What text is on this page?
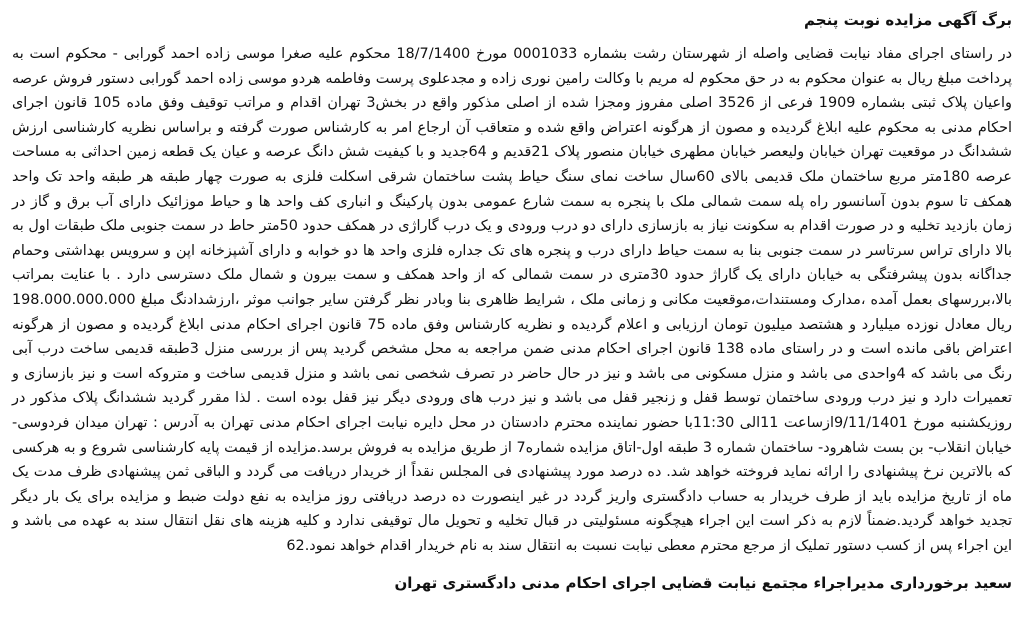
برگ آگهی مزایده نوبت پنجم

در راستای اجرای مفاد نیابت قضایی واصله از شهرستان رشت بشماره 0001033 مورخ 18/7/1400 محکوم علیه صغرا موسی زاده احمد گورابی - محکوم است به پرداخت مبلغ ریال به عنوان محکوم به در حق محکوم له مریم با وکالت رامین نوری زاده و مجدعلوی پرست وفاطمه هردو موسی زاده احمد گورابی دستور فروش عرصه واعیان پلاک ثبتی بشماره 1909 فرعی از 3526 اصلی مفروز ومجزا شده از اصلی مذکور واقع در بخش3 تهران اقدام و مراتب توقیف وفق ماده 105 قانون اجرای احکام مدنی به محکوم علیه ابلاغ گردیده و مصون از هرگونه اعتراض واقع شده و متعاقب آن ارجاع امر به کارشناس صورت گرفته و براساس نظریه کارشناسی ارزش ششدانگ در موقعیت تهران خیابان ولیعصر خیابان مطهری خیابان منصور پلاک 21قدیم و 64جدید و با کیفیت شش دانگ عرصه و عیان یک قطعه زمین احداثی به مساحت عرصه 180متر مربع ساختمان ملک قدیمی بالای 60سال ساخت نمای سنگ حیاط پشت ساختمان شرقی اسکلت فلزی به صورت چهار طبقه هر طبقه واحد تک واحد همکف تا سوم بدون آسانسور راه پله سمت شمالی ملک با پنجره به سمت شارع عمومی بدون پارکینگ و انباری کف واحد ها و حیاط موزائیک دارای آب برق و گاز در زمان بازدید تخلیه و در صورت اقدام به سکونت نیاز به بازسازی دارای دو درب ورودی و یک درب گاراژی در همکف حدود 50متر حاط در سمت جنوبی ملک طبقات اول به بالا دارای تراس سرتاسر در سمت جنوبی بنا به سمت حیاط دارای درب و پنجره های تک جداره فلزی واحد ها دو خوابه و دارای آشپزخانه اپن و سرویس بهداشتی وحمام جداگانه بدون پیشرفتگی به خیابان دارای یک گاراژ حدود 30متری در سمت شمالی که از واحد همکف و سمت بیرون و شمال ملک دسترسی دارد . با عنایت بمراتب بالا،بررسهای بعمل آمده ،مدارک ومستندات،موقعیت مکانی و زمانی ملک ، شرایط ظاهری بنا وبادر نظر گرفتن سایر جوانب موثر ،ارزشدادنگ مبلغ 198.000.000.000 ریال معادل نوزده میلیارد و هشتصد میلیون تومان ارزیابی و اعلام گردیده و نظریه کارشناس وفق ماده 75 قانون اجرای احکام مدنی ابلاغ گردیده و مصون از هرگونه اعتراض باقی مانده است و در راستای ماده 138 قانون اجرای احکام مدنی ضمن مراجعه به محل مشخص گردید پس از بررسی منزل 3طبقه قدیمی ساخت درب آبی رنگ می باشد که 4واحدی می باشد و منزل مسکونی می باشد و نیز در حال حاضر در تصرف شخصی نمی باشد و منزل قدیمی ساخت و متروکه است و نیز بازسازی و تعمیرات دارد و نیز درب ورودی ساختمان توسط قفل و زنجیر قفل می باشد و نیز درب های ورودی دیگر نیز قفل بوده است . لذا مقرر گردید ششدانگ پلاک مذکور در روزیکشنبه مورخ 9/11/1401ازساعت 11الی 11:30با حضور نماینده محترم دادستان در محل دایره نیابت اجرای احکام مدنی تهران به آدرس : تهران میدان فردوسی- خیابان انقلاب- بن بست شاهرود- ساختمان شماره 3 طبقه اول-اتاق مزایده شماره7 از طریق مزایده به فروش برسد.مزایده از قیمت پایه کارشناسی شروع و به هرکسی که بالاترین نرخ پیشنهادی را ارائه نماید فروخته خواهد شد. ده درصد مورد پیشنهادی فی المجلس نقداً از خریدار دریافت می گردد و الباقی ثمن پیشنهادی ظرف مدت یک ماه از تاریخ مزایده باید از طرف خریدار به حساب دادگستری واریز گردد در غیر اینصورت ده درصد دریافتی روز مزایده به نفع دولت ضبط و مزایده برای یک بار دیگر تجدید خواهد گردید.ضمناً لازم به ذکر است این اجراء هیچگونه مسئولیتی در قبال تخلیه و تحویل مال توقیفی ندارد و کلیه هزینه های نقل انتقال سند به عهده می باشد و این اجراء پس از کسب دستور تملیک از مرجع محترم معطی نیابت نسبت به انتقال سند به نام خریدار اقدام خواهد نمود.62

سعید برخورداری مدیراجراء مجتمع نیابت قضایی اجرای احکام مدنی دادگستری تهران
